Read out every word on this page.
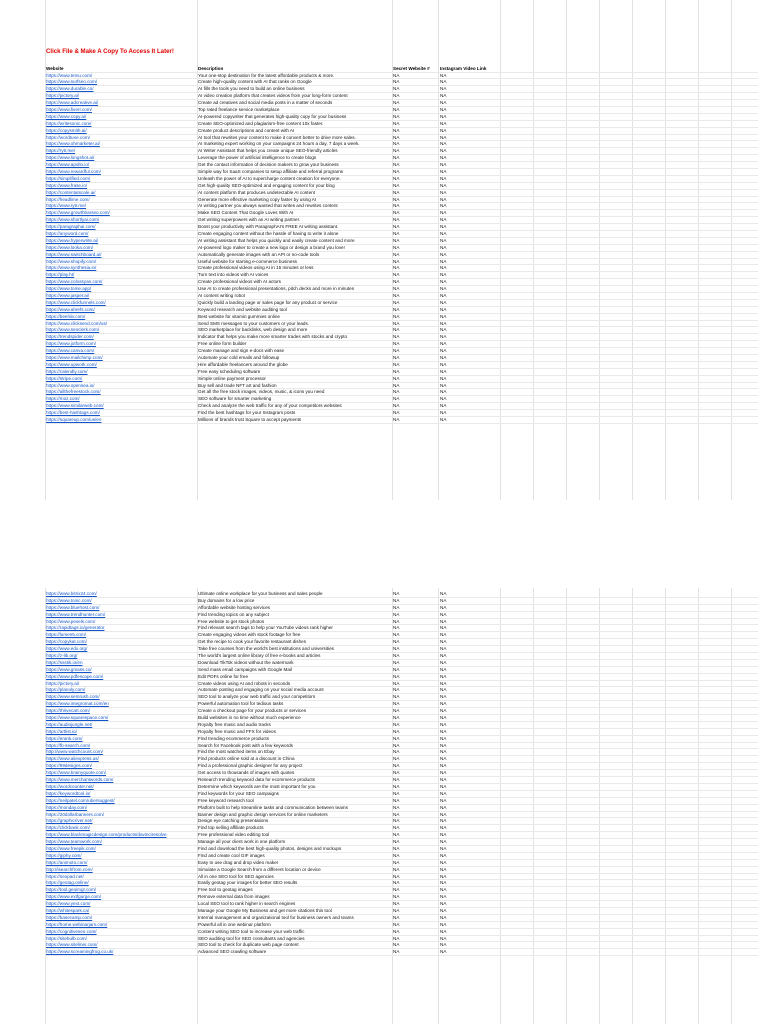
Click File & Make A Copy To Access It Later!
Website	Description	Secret Website #	Instagram Video Link
https://www.temu.com/	Your one-stop destination for the latest affordable products & more.	NA	NA
https://www.surfseo.com/	Create high-quality content with AI that ranks on Google	NA	NA
https://www.durable.co/	AI fills the tools you need to build an online business	NA	NA
https://pictory.ai/	AI video creation platform that creates videos from your long-form content	NA	NA
https://www.adcreative.ai/	Create ad creatives and social media posts in a matter of seconds	NA	NA
https://www.fiverr.com/	Top rated freelance service marketplace	NA	NA
https://www.copy.ai/	AI-powered copywriter that generates high-quality copy for your business	NA	NA
https://writesonic.com/	Create SEO-optimized and plagiarism-free content 10x faster.	NA	NA
https://copysmith.ai/	Create product descriptions and content with AI	NA	NA
https://wordtune.com/	AI tool that rewrites your content to make it convert better to drive more sales.	NA	NA
https://www.ohmarketer.ai/	AI marketing expert working on your campaigns 24 hours a day, 7 days a week.	NA	NA
https://rytr.me/	AI Writer Assistant that helps you create unique SEO-friendly articles	NA	NA
https://www.longshot.ai/	Leverage the power of artificial intelligence to create blogs	NA	NA
https://www.apollo.io/	Get the contact information of decision makers to grow your business	NA	NA
https://www.rewardful.com/	Simple way for SaaS companies to setup affiliate and referral programs	NA	NA
https://simplified.com/	Unleash the power of AI to supercharge content creation for everyone.	NA	NA
https://www.frase.io/	Get high-quality SEO-optimized and engaging content for your blog	NA	NA
https://contentatscale.ai/	AI content platform that produces undetectable AI content	NA	NA
https://headlime.com/	Generate more effective marketing copy faster by using AI	NA	NA
https://www.rytr.me/	AI writing partner you always wanted that writes and rewrites content	NA	NA
https://www.growthbarseo.com/	Make SEO Content That Google Loves With AI	NA	NA
https://www.shortlyai.com/	Get writing superpowers with an AI writing partner.	NA	NA
https://paragraphai.com/	Boost your productivity with ParagraphAI's FREE AI writing assistant.	NA	NA
https://anyword.com/	Create engaging content without the hassle of having to write it alone	NA	NA
https://www.hyperwrite.ai/	AI writing assistant that helps you quickly and easily create content and more	NA	NA
https://www.looka.com/	AI-powered logo maker to create a new logo or design a brand you love!	NA	NA
https://www.switchboard.ai/	Automatically generate images with an API or no-code tools	NA	NA
https://www.shopify.com/	Useful website for starting e-commerce business	NA	NA
https://www.synthesia.io/	Create professional videos using AI in 15 minutes or less	NA	NA
https://play.ht/	Turn text into videos with AI voices	NA	NA
https://www.colossyan.com/	Create professional videos with AI actors	NA	NA
https://www.tome.app/	Use AI to create professional presentations, pitch decks and more in minutes	NA	NA
https://www.jasper.ai/	AI content writing robot	NA	NA
https://www.clickfunnels.com/	Quickly build a landing page or sales page for any product or service	NA	NA
https://www.ahrefs.com/	Keyword research and website auditing tool	NA	NA
https://beehiiv.com/	Best website for vitamin gummies online	NA	NA
https://www.clicksend.com/us/	Send SMS messages to your customers or your leads.	NA	NA
https://www.seoclerk.com/	SEO marketplace for backlinks, web design and more	NA	NA
https://trendspider.com/	Indicator that helps you make more smarter trades with stocks and crypto	NA	NA
https://www.jotform.com/	Free online form builder	NA	NA
https://www.canva.com/	Create manage and sign e-docs with ease	NA	NA
https://www.mailchimp.com/	Automate your cold emails and followup	NA	NA
https://www.upwork.com/	Hire affordable freelancers around the globe	NA	NA
https://calendly.com/	Free easy scheduling software	NA	NA
https://stripe.com/	Simple online payment processor	NA	NA
https://www.opensea.io/	Buy sell and trade NFT art and fashion	NA	NA
https://allthefreestock.com/	Get all the free stock images, videos, music, & icons you need	NA	NA
https://moz.com/	SEO software for smarter marketing	NA	NA
https://www.similarweb.com/	Check and analyze the web traffic for any of your competitors websites	NA	NA
https://best-hashtags.com/	Find the best hashtags for your Instagram posts	NA	NA
https://squareup.com/us/en	Millions of brands trust Square to accept payments	NA	NA
https://www.bitrix24.com/	Ultimate online workplace for your business and sales people	NA	NA
https://www.tonic.com/	Buy domains for a low price	NA	NA
https://www.bluehost.com/	Affordable website hosting services	NA	NA
https://www.trendhunter.com/	Find trending topics on any subject	NA	NA
https://www.pexels.com/	Free website to get stock photos	NA	NA
https://rapidtags.io/generator	Find relevant search tags to help your YouTube videos rank higher	NA	NA
https://lumen5.com/	Create engaging videos with stock footage for free	NA	NA
https://copykat.com/	Get the recipe to cook your favorite restaurant dishes	NA	NA
https://www.edx.org/	Take free courses from the world's best institutions and universities	NA	NA
https://z-lib.org/	The world's largest online library of free e-books and articles	NA	NA
https://ssstik.io/en	Download TikTok videos without the watermark	NA	NA
https://www.gmass.co/	Send mass email campaigns with Google Mail	NA	NA
https://www.pdfescape.com/	Edit PDFs online for free	NA	NA
https://pictory.ai/	Create videos using AI and robots in seconds	NA	NA
https://planoly.com/	Automate posting and engaging on your social media account	NA	NA
https://www.semrush.com/	SEO tool to analyze your web traffic and your competitors	NA	NA
https://www.integromat.com/en	Powerful automation tool for tedious tasks	NA	NA
https://thrivecart.com/	Create a checkout page for your products or services	NA	NA
https://www.squarespace.com/	Build websites in no time without much experience	NA	NA
https://audiojungle.net/	Royalty free music and audio tracks	NA	NA
https://artlist.io/	Royalty free music and FFX for videos	NA	NA
https://erank.com/	Find trending ecommerce products	NA	NA
https://fb-search.com/	Search for Facebook post with a few keywords	NA	NA
http://www.watchcount.com/	Find the most watched items on Ebay	NA	NA
https://www.aliexpress.us/	Find products online sold at a discount in China	NA	NA
https://99designs.com/	Find a professional graphic designer for any project	NA	NA
https://www.brainyquote.com/	Get access to thousands of images with quotes	NA	NA
https://www.merchantwords.com/	Research trending keyword data for ecommerce products	NA	NA
https://wordcounter.net/	Determine which keywords are the most important for you	NA	NA
https://keywordtool.io/	Find keywords for your SEO campaigns	NA	NA
https://neilpatel.com/ubersuggest/	Free keyword research tool	NA	NA
https://monday.com/	Platform built to help streamline tasks and communication between teams	NA	NA
https://20dollarbanners.com/	Banner design and graphic design services for online marketers	NA	NA
https://graphicriver.net/	Design eye catching presentations	NA	NA
https://clickbank.com/	Find top selling affiliate products	NA	NA
https://www.blackmagicdesign.com/products/davinciresolve	Free professional video editing tool	NA	NA
https://www.teamwork.com/	Manage all your client work in one platform	NA	NA
https://www.freepik.com/	Find and download the best high-quality photos, designs and mockups	NA	NA
https://giphy.com/	Find and create cool GIF images	NA	NA
https://animoto.com/	Easy to use drag and drop video maker	NA	NA
http://isearchfrom.com/	Simulate a Google Search from a different location or device	NA	NA
https://seopad.net/	All in one SEO tool for SEO agencies	NA	NA
https://geotag.online/	Easily geotag your images for better SEO results	NA	NA
https://tool.geoimgr.com/	Free tool to geotag images	NA	NA
https://www.extfgurge.com/	Remove external data from images	NA	NA
https://www.yext.com/	Local SEO tool to rank higher in search engines	NA	NA
https://whitespark.ca/	Manage your Google My Business and get more citations this tool	NA	NA
https://basecamp.com/	Internal management and organizational tool for business owners and teams	NA	NA
https://home.webinarjam.com/	Powerful all in one webinar platform	NA	NA
https://cognitiveseo.com/	Content writing SEO tool to increase your web traffic	NA	NA
https://sitebulb.com/	SEO auditing tool for SEO consultants and agencies	NA	NA
https://www.siteliner.com/	SEO tool to check for duplicate web page content	NA	NA
https://www.screamingfrog.co.uk/	Advanced SEO crawling software	NA	NA
